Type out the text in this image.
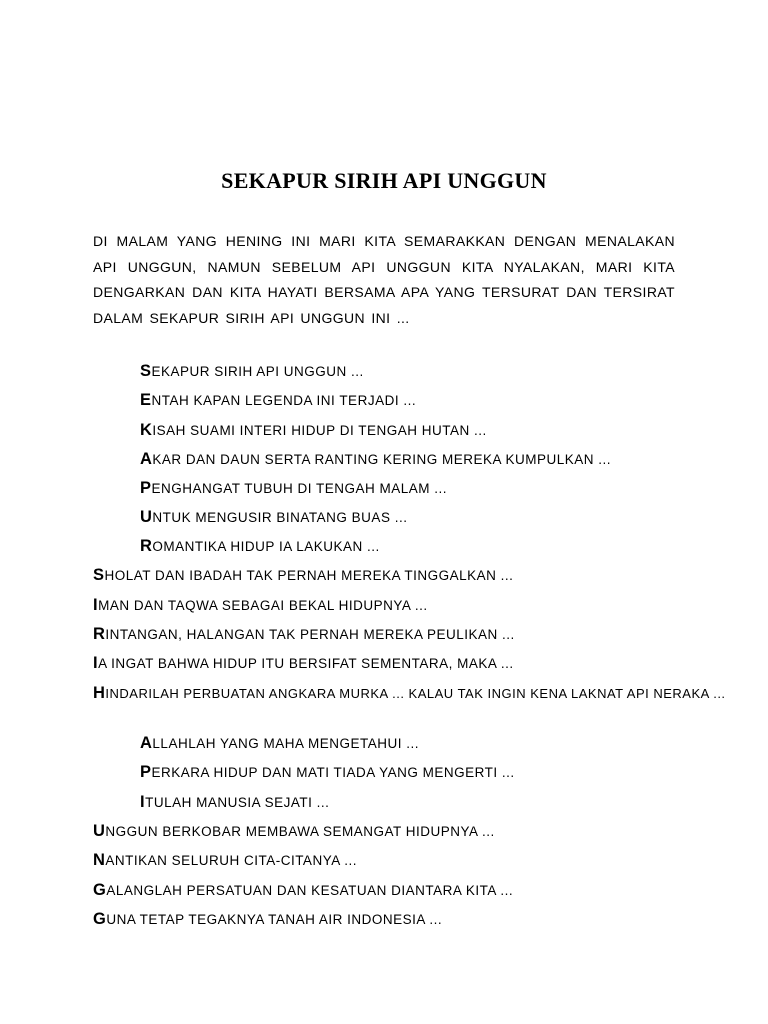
SEKAPUR SIRIH API UNGGUN
DI MALAM YANG HENING INI MARI KITA SEMARAKKAN DENGAN MENALAKAN API UNGGUN, NAMUN SEBELUM API UNGGUN KITA NYALAKAN, MARI KITA DENGARKAN DAN KITA HAYATI BERSAMA APA YANG TERSURAT DAN TERSIRAT DALAM SEKAPUR SIRIH API UNGGUN INI ...
SEKAPUR SIRIH API UNGGUN ...
ENTAH KAPAN LEGENDA INI TERJADI ...
KISAH SUAMI INTERI HIDUP DI TENGAH HUTAN ...
AKAR DAN DAUN SERTA RANTING KERING MEREKA KUMPULKAN ...
PENGHANGAT TUBUH DI TENGAH MALAM ...
UNTUK MENGUSIR BINATANG BUAS ...
ROMANTIKA HIDUP IA LAKUKAN ...
SHOLAT DAN IBADAH TAK PERNAH MEREKA TINGGALKAN ...
IMAN DAN TAQWA SEBAGAI BEKAL HIDUPNYA ...
RINTANGAN, HALANGAN TAK PERNAH MEREKA PEULIKAN ...
IA INGAT BAHWA HIDUP ITU BERSIFAT SEMENTARA, MAKA ...
HINDARILAH PERBUATAN ANGKARA MURKA ... KALAU TAK INGIN KENA LAKNAT API NERAKA ...
ALLAHLAH YANG MAHA MENGETAHUI ...
PERKARA HIDUP DAN MATI TIADA YANG MENGERTI ...
ITULAH MANUSIA SEJATI ...
UNGGUN BERKOBAR MEMBAWA SEMANGAT HIDUPNYA ...
NANTIKAN SELURUH CITA-CITANYA ...
GALANGLAH PERSATUAN DAN KESATUAN DIANTARA KITA ...
GUNA TETAP TEGAKNYA TANAH AIR INDONESIA ...
